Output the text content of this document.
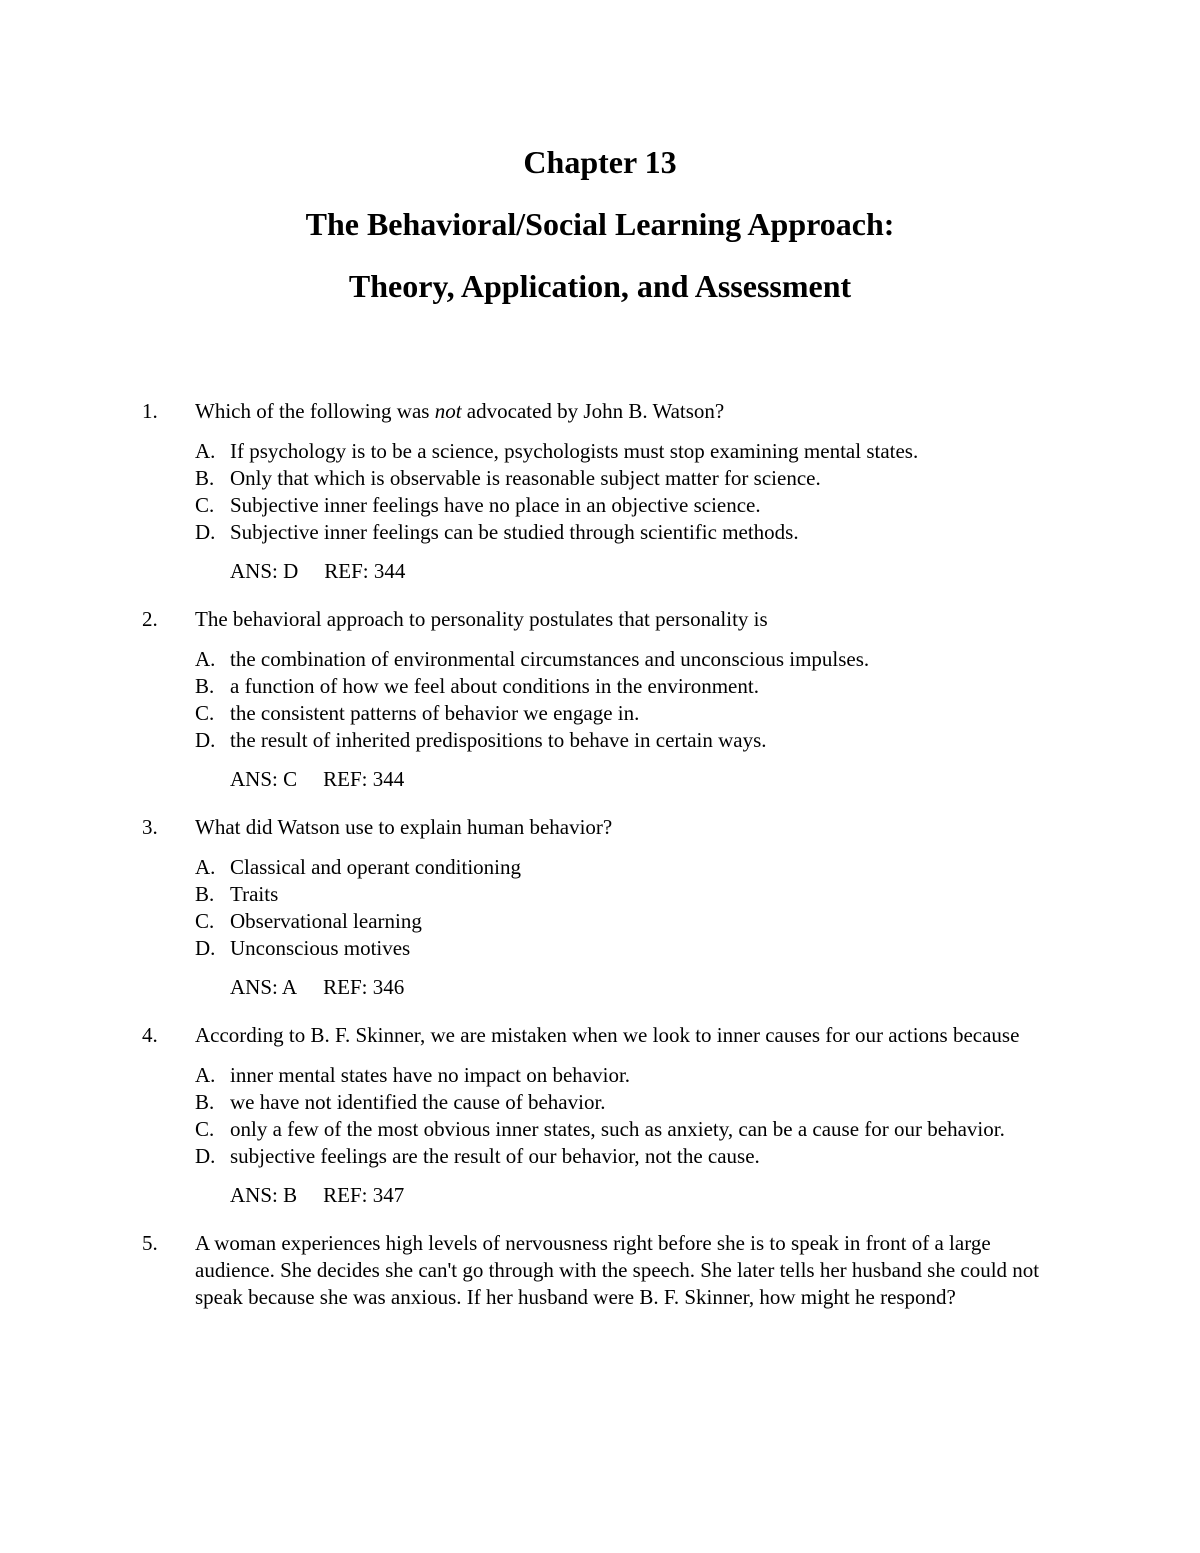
Chapter 13
The Behavioral/Social Learning Approach:
Theory, Application, and Assessment
1. Which of the following was not advocated by John B. Watson?
A. If psychology is to be a science, psychologists must stop examining mental states.
B. Only that which is observable is reasonable subject matter for science.
C. Subjective inner feelings have no place in an objective science.
D. Subjective inner feelings can be studied through scientific methods.
ANS: D REF: 344
2. The behavioral approach to personality postulates that personality is
A. the combination of environmental circumstances and unconscious impulses.
B. a function of how we feel about conditions in the environment.
C. the consistent patterns of behavior we engage in.
D. the result of inherited predispositions to behave in certain ways.
ANS: C REF: 344
3. What did Watson use to explain human behavior?
A. Classical and operant conditioning
B. Traits
C. Observational learning
D. Unconscious motives
ANS: A REF: 346
4. According to B. F. Skinner, we are mistaken when we look to inner causes for our actions because
A. inner mental states have no impact on behavior.
B. we have not identified the cause of behavior.
C. only a few of the most obvious inner states, such as anxiety, can be a cause for our behavior.
D. subjective feelings are the result of our behavior, not the cause.
ANS: B REF: 347
5. A woman experiences high levels of nervousness right before she is to speak in front of a large audience. She decides she can't go through with the speech. She later tells her husband she could not speak because she was anxious. If her husband were B. F. Skinner, how might he respond?
